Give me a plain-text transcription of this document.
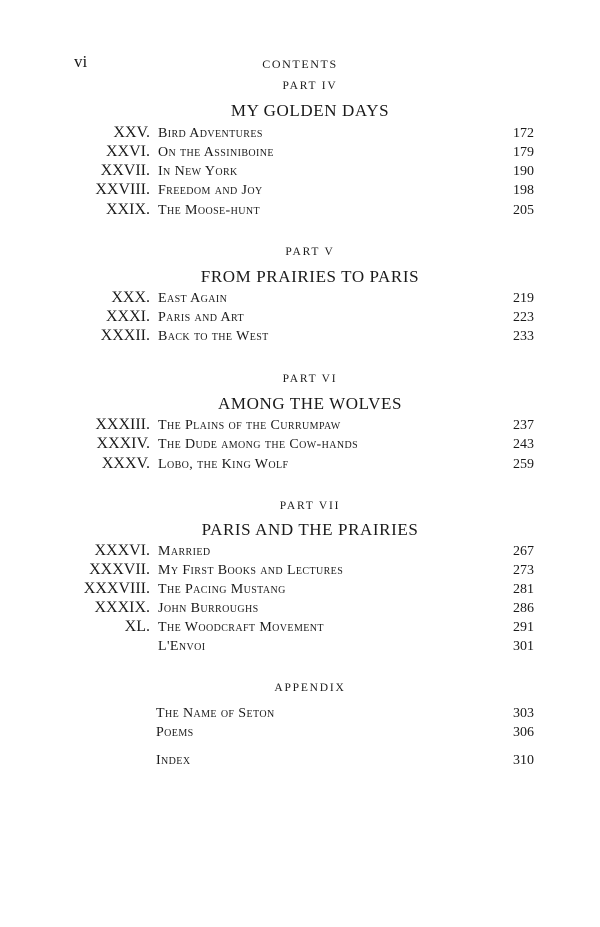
vi	CONTENTS
PART IV
MY GOLDEN DAYS
XXV. Bird Adventures	172
XXVI. On the Assiniboine	179
XXVII. In New York	190
XXVIII. Freedom and Joy	198
XXIX. The Moose-hunt	205
PART V
FROM PRAIRIES TO PARIS
XXX. East Again	219
XXXI. Paris and Art	223
XXXII. Back to the West	233
PART VI
AMONG THE WOLVES
XXXIII. The Plains of the Currumpaw	237
XXXIV. The Dude among the Cow-hands	243
XXXV. Lobo, the King Wolf	259
PART VII
PARIS AND THE PRAIRIES
XXXVI. Married	267
XXXVII. My First Books and Lectures	273
XXXVIII. The Pacing Mustang	281
XXXIX. John Burroughs	286
XL. The Woodcraft Movement	291
L'Envoi	301
APPENDIX
The Name of Seton	303
Poems	306
Index	310
